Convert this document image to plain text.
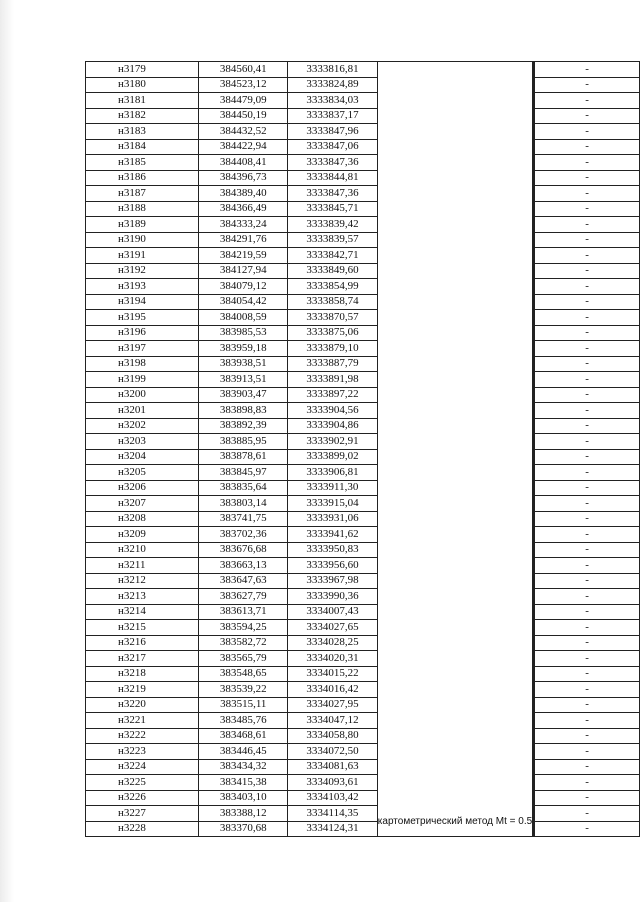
н3179	384560,41	3333816,81	картометрический метод Mt = 0.5		-
н3180	384523,12	3333824,89		-
н3181	384479,09	3333834,03		-
н3182	384450,19	3333837,17		-
н3183	384432,52	3333847,96		-
н3184	384422,94	3333847,06		-
н3185	384408,41	3333847,36		-
н3186	384396,73	3333844,81		-
н3187	384389,40	3333847,36		-
н3188	384366,49	3333845,71		-
н3189	384333,24	3333839,42		-
н3190	384291,76	3333839,57		-
н3191	384219,59	3333842,71		-
н3192	384127,94	3333849,60		-
н3193	384079,12	3333854,99		-
н3194	384054,42	3333858,74		-
н3195	384008,59	3333870,57		-
н3196	383985,53	3333875,06		-
н3197	383959,18	3333879,10		-
н3198	383938,51	3333887,79		-
н3199	383913,51	3333891,98		-
н3200	383903,47	3333897,22		-
н3201	383898,83	3333904,56		-
н3202	383892,39	3333904,86		-
н3203	383885,95	3333902,91		-
н3204	383878,61	3333899,02		-
н3205	383845,97	3333906,81		-
н3206	383835,64	3333911,30		-
н3207	383803,14	3333915,04		-
н3208	383741,75	3333931,06		-
н3209	383702,36	3333941,62		-
н3210	383676,68	3333950,83		-
н3211	383663,13	3333956,60		-
н3212	383647,63	3333967,98		-
н3213	383627,79	3333990,36		-
н3214	383613,71	3334007,43		-
н3215	383594,25	3334027,65		-
н3216	383582,72	3334028,25		-
н3217	383565,79	3334020,31		-
н3218	383548,65	3334015,22		-
н3219	383539,22	3334016,42		-
н3220	383515,11	3334027,95		-
н3221	383485,76	3334047,12		-
н3222	383468,61	3334058,80		-
н3223	383446,45	3334072,50		-
н3224	383434,32	3334081,63		-
н3225	383415,38	3334093,61		-
н3226	383403,10	3334103,42		-
н3227	383388,12	3334114,35		-
н3228	383370,68	3334124,31		-
